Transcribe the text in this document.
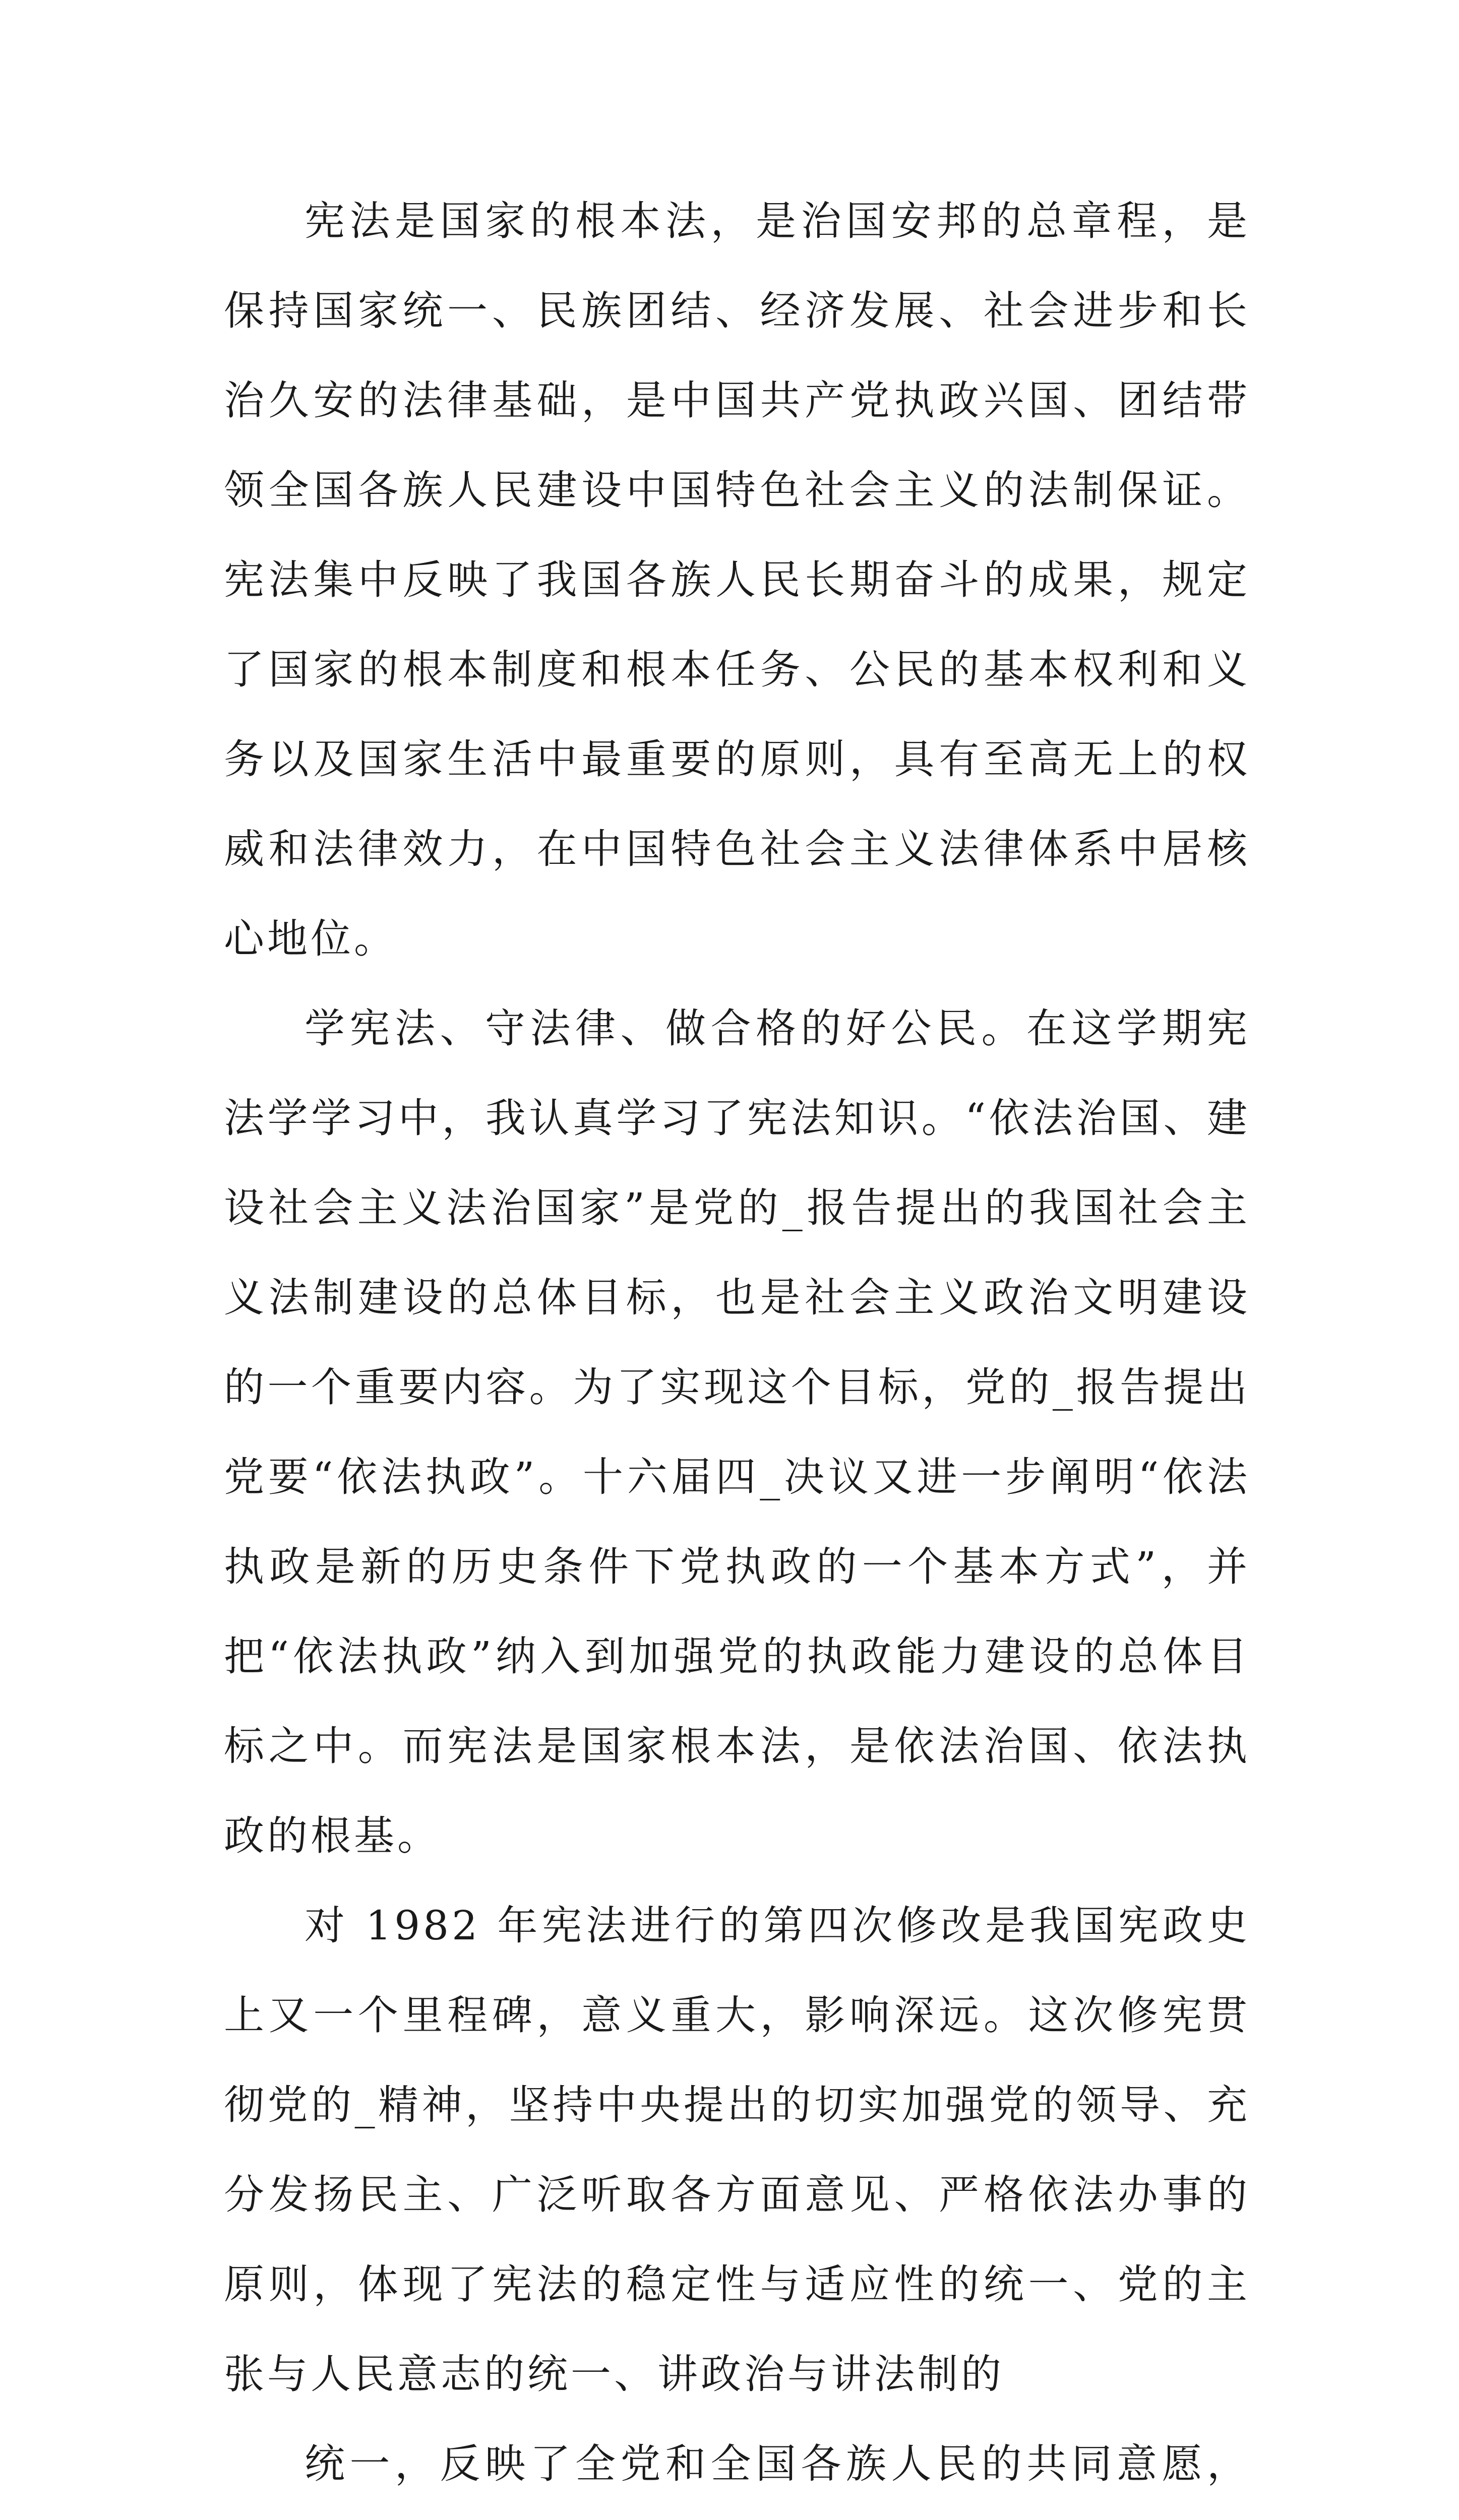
宪法是国家的根本法，是治国安邦的总章程，是保持国家统一、民族团结、经济发展、社会进步和长治久安的法律基础，是中国共产党执政兴国、团结带领全国各族人民建设中国特色社会主义的法制保证。宪法集中反映了我国各族人民长期奋斗的成果，规定了国家的根本制度和根本任务、公民的基本权利和义务以及国家生活中最重要的原则，具有至高无上的权威和法律效力，在中国特色社会主义法律体系中居核心地位。

学宪法、守法律、做合格的好公民。在这学期宪法学学习中，我认真学习了宪法知识。“依法治国、建设社会主义法治国家”是党的_报告提出的我国社会主义法制建设的总体目标，也是社会主义政治文明建设的一个重要内容。为了实现这个目标，党的_报告提出党要“依法执政”。十六届四_决议又进一步阐明“依法执政是新的历史条件下党执政的一个基本方式”，并把“依法执政”纳入到加强党的执政能力建设的总体目标之中。而宪法是国家根本法，是依法治国、依法执政的根基。

对 1982 年宪法进行的第四次修改是我国宪政史上又一个里程碑，意义重大，影响深远。这次修宪贯彻党的_精神，坚持中央提出的切实加强党的领导、充分发扬民主、广泛听取各方面意见、严格依法办事的原则，体现了宪法的稳定性与适应性的统一、党的主张与人民意志的统一、讲政治与讲法制的

统一，反映了全党和全国各族人民的共同意愿，
